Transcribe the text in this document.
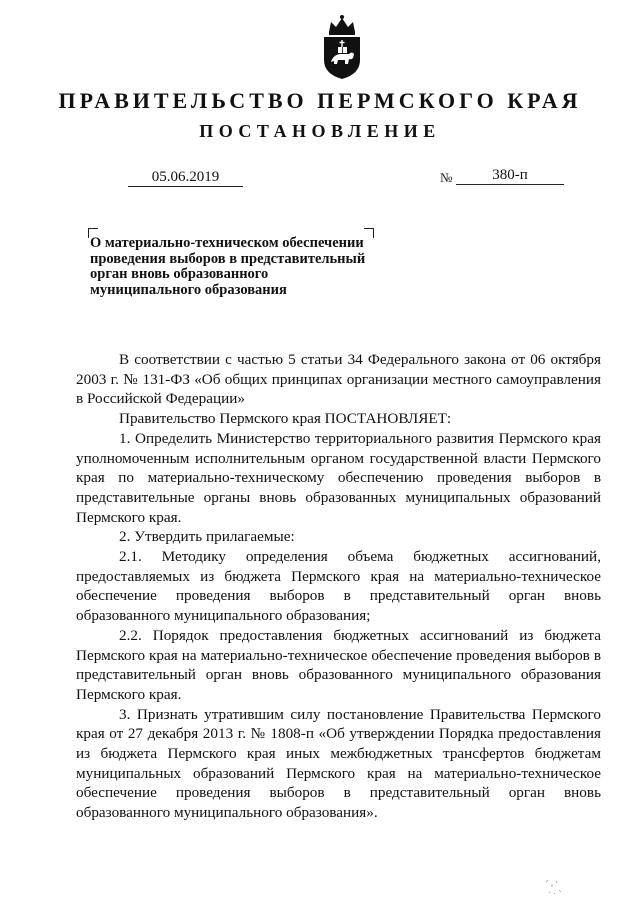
ПРАВИТЕЛЬСТВО ПЕРМСКОГО КРАЯ
ПОСТАНОВЛЕНИЕ
05.06.2019	№	380-п
О материально-техническом обеспечении
проведения выборов в представительный
орган вновь образованного
муниципального образования

В соответствии с частью 5 статьи 34 Федерального закона от 06 октября 2003 г. № 131-ФЗ «Об общих принципах организации местного самоуправления в Российской Федерации»

Правительство Пермского края ПОСТАНОВЛЯЕТ:

1. Определить Министерство территориального развития Пермского края уполномоченным исполнительным органом государственной власти Пермского края по материально-техническому обеспечению проведения выборов в представительные органы вновь образованных муниципальных образований Пермского края.

2. Утвердить прилагаемые:

2.1. Методику определения объема бюджетных ассигнований, предоставляемых из бюджета Пермского края на материально-техническое обеспечение проведения выборов в представительный орган вновь образованного муниципального образования;

2.2. Порядок предоставления бюджетных ассигнований из бюджета Пермского края на материально-техническое обеспечение проведения выборов в представительный орган вновь образованного муниципального образования Пермского края.

3. Признать утратившим силу постановление Правительства Пермского края от 27 декабря 2013 г. № 1808-п «Об утверждении Порядка предоставления из бюджета Пермского края иных межбюджетных трансфертов бюджетам муниципальных образований Пермского края на материально-техническое обеспечение проведения выборов в представительный орган вновь образованного муниципального образования».
